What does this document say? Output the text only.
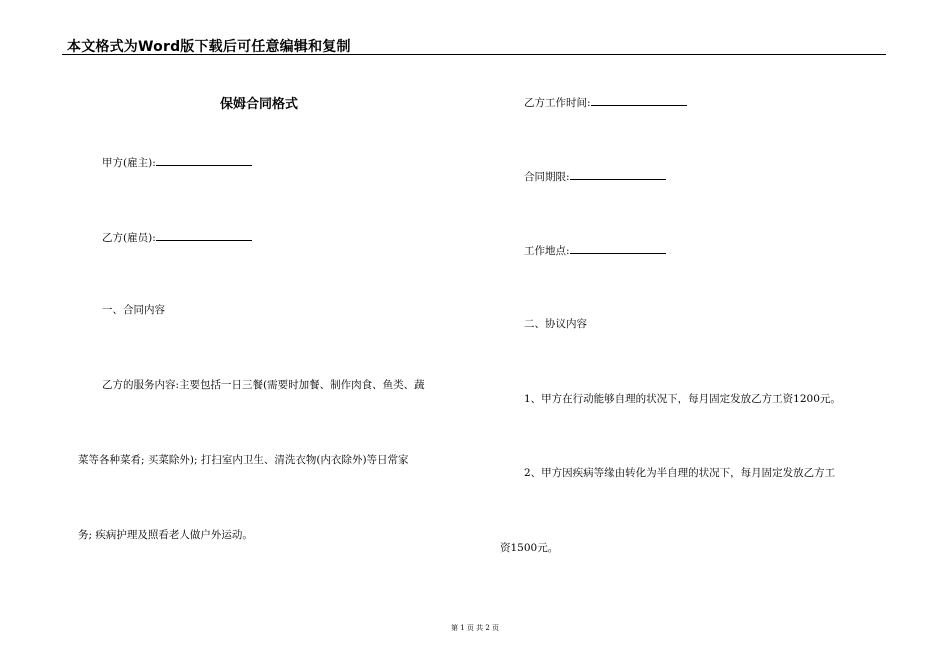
本文格式为Word版下载后可任意编辑和复制
保姆合同格式
甲方(雇主):
乙方(雇员):
一、合同内容
乙方的服务内容:主要包括一日三餐(需要时加餐、制作肉食、鱼类、蔬
菜等各种菜肴; 买菜除外); 打扫室内卫生、清洗衣物(内衣除外)等日常家
务; 疾病护理及照看老人做户外运动。
乙方工作时间:
合同期限:
工作地点:
二、协议内容
1、甲方在行动能够自理的状况下，每月固定发放乙方工资1200元。
2、甲方因疾病等缘由转化为半自理的状况下，每月固定发放乙方工
资1500元。
第 1 页 共 2 页
